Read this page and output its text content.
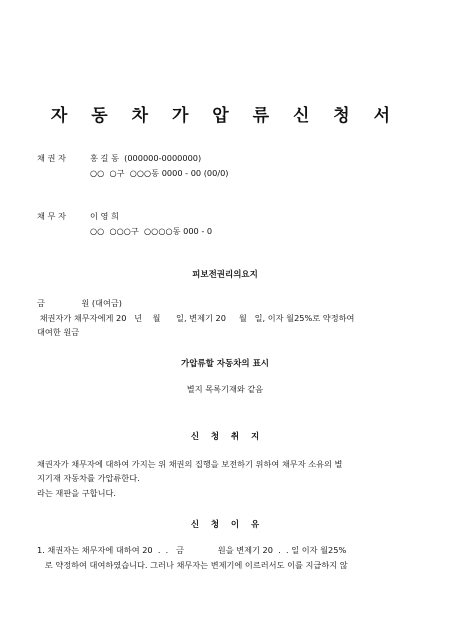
자 동 차 가 압 류 신 청 서
채 권 자	홍 길 동  (000000-0000000)
○○  ○구  ○○○동 0000 - 00 (00/0)
채 무 자	이 영 희
○○  ○○○구  ○○○○동 000 - 0
피보전권리의요지
금              원 (대여금)
채권자가 채무자에게 20   년    월      일, 변제기 20     월   일, 이자 월25%로 약정하여
대여한 원금
가압류할 자동차의 표시
별지 목록기재와 같음
신    청    취    지
채권자가 채무자에 대하여 가지는 위 채권의 집행을 보전하기 위하여 채무자 소유의 별
지기재 자동차를 가압류한다.
라는 재판을 구합니다.
신    청    이    유
1. 채권자는 채무자에 대하여 20  .  .   금             원을 변제기 20  .  . 일 이자 월25%
로 약정하여 대여하였습니다. 그러나 채무자는 변제기에 이르러서도 이를 지급하지 않
